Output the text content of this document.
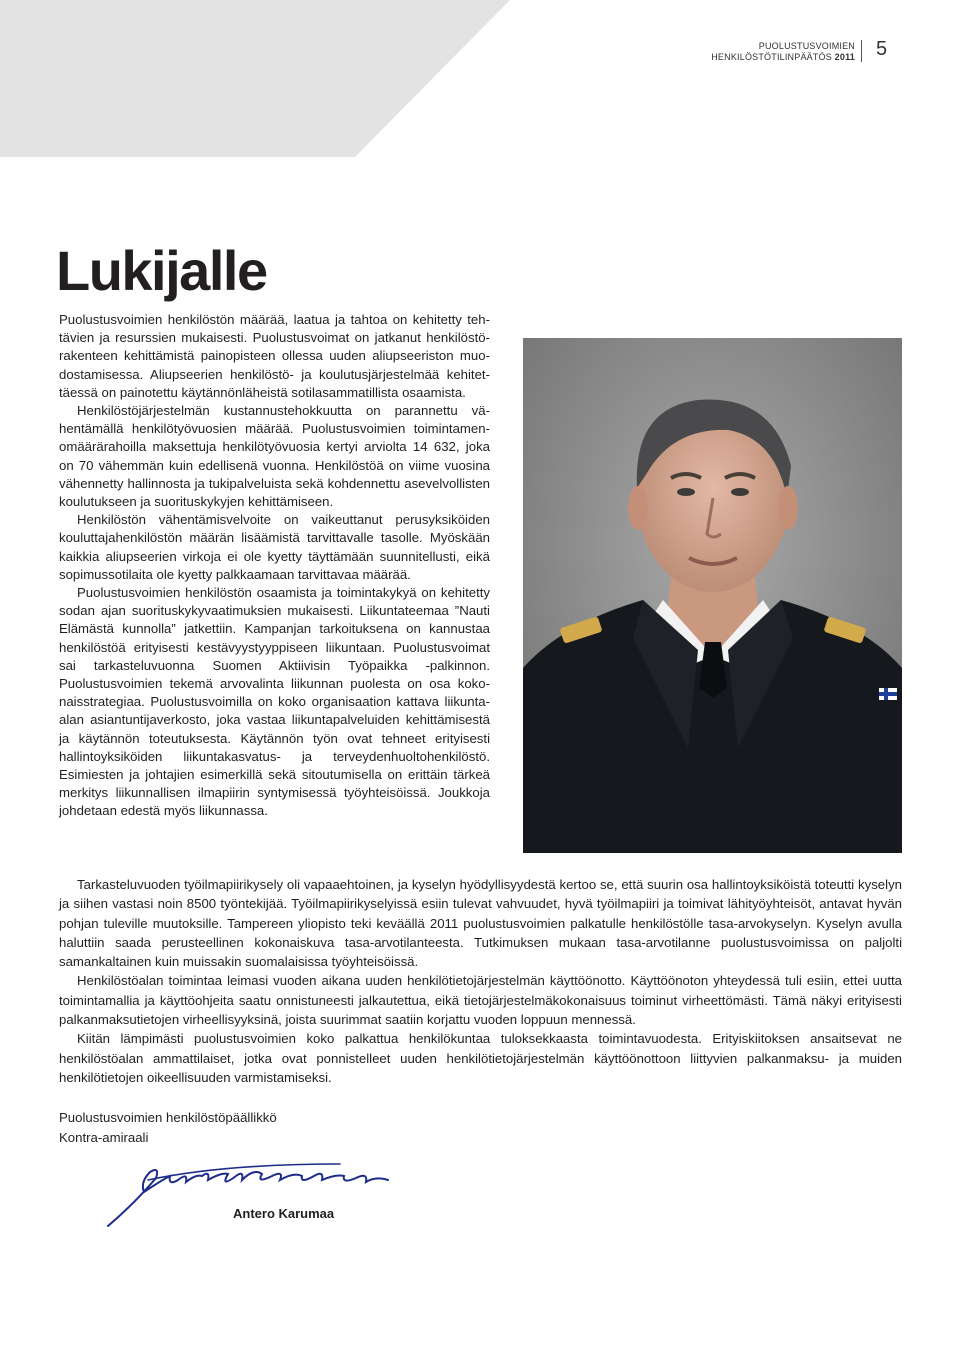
PUOLUSTUSVOIMIEN
HENKILÖSTÖTILINPÄÄTÖS 2011 5
Lukijalle

Puolustusvoimien henkilöstön määrää, laatua ja tahtoa on kehitetty tehtävien ja resurssien mukaisesti. Puolustusvoimat on jatkanut henkilöstörakenteen kehittämistä painopisteen ollessa uuden aliupseeriston muodostamisessa. Aliupseerien henkilöstö- ja koulutusjärjestelmää kehitettäessä on painotettu käytännönläheistä sotilasammatillista osaamista.

Henkilöstöjärjestelmän kustannustehokkuutta on parannettu vähentämällä henkilötyövuosien määrää. Puolustusvoimien toimintamenomäärärahoilla maksettuja henkilötyövuosia kertyi arviolta 14 632, joka on 70 vähemmän kuin edellisenä vuonna. Henkilöstöä on viime vuosina vähennetty hallinnosta ja tukipalveluista sekä kohdennettu asevelvollisten koulutukseen ja suorituskykyjen kehittämiseen.

Henkilöstön vähentämisvelvoite on vaikeuttanut perusyksiköiden kouluttajahenkilöstön määrän lisäämistä tarvittavalle tasolle. Myöskään kaikkia aliupseerien virkoja ei ole kyetty täyttämään suunnitellusti, eikä sopimussotilaita ole kyetty palkkaamaan tarvittavaa määrää.

Puolustusvoimien henkilöstön osaamista ja toimintakykyä on kehitetty sodan ajan suorituskykyvaatimuksien mukaisesti. Liikuntateemaa ”Nauti Elämästä kunnolla” jatkettiin. Kampanjan tarkoituksena on kannustaa henkilöstöä erityisesti kestävyystyyppiseen liikuntaan. Puolustusvoimat sai tarkasteluvuonna Suomen Aktiivisin Työpaikka -palkinnon. Puolustusvoimien tekemä arvovalinta liikunnan puolesta on osa kokonaisstrategiaa. Puolustusvoimilla on koko organisaation kattava liikunta-alan asiantuntijaverkosto, joka vastaa liikuntapalveluiden kehittämisestä ja käytännön toteutuksesta. Käytännön työn ovat tehneet erityisesti hallintoyksiköiden liikuntakasvatus- ja terveydenhuoltohenkilöstö. Esimiesten ja johtajien esimerkillä sekä sitoutumisella on erittäin tärkeä merkitys liikunnallisen ilmapiirin syntymisessä työyhteisöissä. Joukkoja johdetaan edestä myös liikunnassa.

Tarkasteluvuoden työilmapiirikysely oli vapaaehtoinen, ja kyselyn hyödyllisyydestä kertoo se, että suurin osa hallintoyksiköistä toteutti kyselyn ja siihen vastasi noin 8500 työntekijää. Työilmapiirikyselyissä esiin tulevat vahvuudet, hyvä työilmapiiri ja toimivat lähityöyhteisöt, antavat hyvän pohjan tuleville muutoksille. Tampereen yliopisto teki keväällä 2011 puolustusvoimien palkatulle henkilöstölle tasa-arvokyselyn. Kyselyn avulla haluttiin saada perusteellinen kokonaiskuva tasa-arvotilanteesta. Tutkimuksen mukaan tasa-arvotilanne puolustusvoimissa on paljolti samankaltainen kuin muissakin suomalaisissa työyhteisöissä.

Henkilöstöalan toimintaa leimasi vuoden aikana uuden henkilötietojärjestelmän käyttöönotto. Käyttöönoton yhteydessä tuli esiin, ettei uutta toimintamallia ja käyttöohjeita saatu onnistuneesti jalkautettua, eikä tietojärjestelmäkokonaisuus toiminut virheettömästi. Tämä näkyi erityisesti palkanmaksutietojen virheellisyyksinä, joista suurimmat saatiin korjattu vuoden loppuun mennessä.

Kiitän lämpimästi puolustusvoimien koko palkattua henkilökuntaa tuloksekkaasta toimintavuodesta. Erityiskiitoksen ansaitsevat ne henkilöstöalan ammattilaiset, jotka ovat ponnistelleet uuden henkilötietojärjestelmän käyttöönottoon liittyvien palkanmaksu- ja muiden henkilötietojen oikeellisuuden varmistamiseksi.

Puolustusvoimien henkilöstöpäällikkö
Kontra-amiraali
Antero Karumaa
